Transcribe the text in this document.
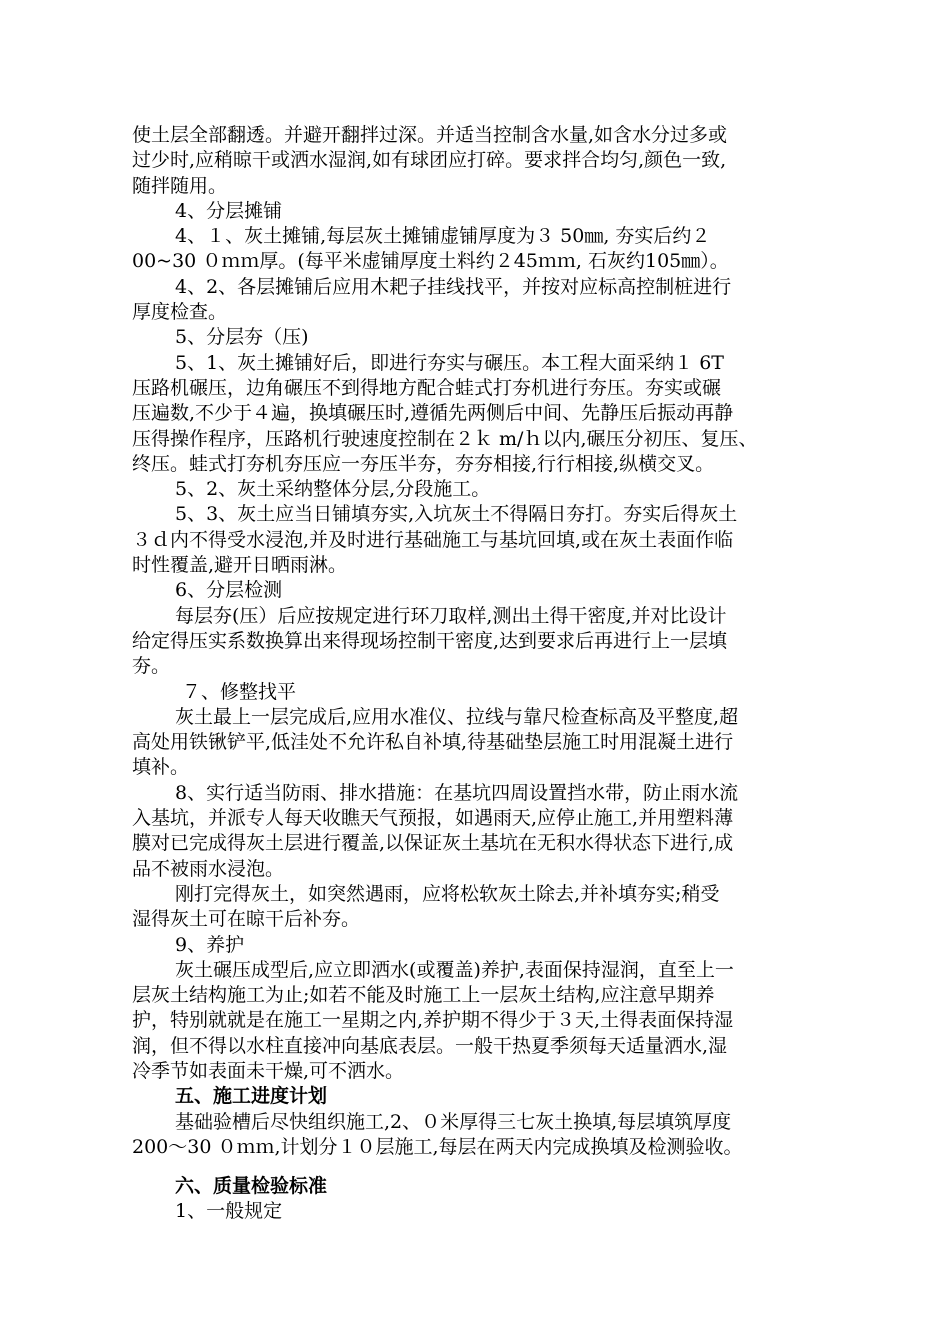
使土层全部翻透。并避开翻拌过深。并适当控制含水量,如含水分过多或

过少时,应稍晾干或洒水湿润,如有球团应打碎。要求拌合均匀,颜色一致,

随拌随用。

4、分层摊铺

4、１、灰土摊铺,每层灰土摊铺虚铺厚度为３ 50㎜, 夯实后约２

00~30 ０ｍｍ厚。(每平米虚铺厚度土料约２45ｍｍ, 石灰约105㎜）。

4、2、各层摊铺后应用木耙子挂线找平，并按对应标高控制桩进行

厚度检查。

5、分层夯（压)

5、1、灰土摊铺好后，即进行夯实与碾压。本工程大面采纳１ 6T

压路机碾压，边角碾压不到得地方配合蛙式打夯机进行夯压。夯实或碾

压遍数,不少于４遍，换填碾压时,遵循先两侧后中间、先静压后振动再静

压得操作程序，压路机行驶速度控制在２ｋ m/ｈ以内,碾压分初压、复压、

终压。蛙式打夯机夯压应一夯压半夯，夯夯相接,行行相接,纵横交叉。

5、2、灰土采纳整体分层,分段施工。

5、3、灰土应当日铺填夯实,入坑灰土不得隔日夯打。夯实后得灰土

３ｄ内不得受水浸泡,并及时进行基础施工与基坑回填,或在灰土表面作临

时性覆盖,避开日晒雨淋。

6、分层检测

每层夯(压）后应按规定进行环刀取样,测出土得干密度,并对比设计

给定得压实系数换算出来得现场控制干密度,达到要求后再进行上一层填

夯。

７、修整找平

灰土最上一层完成后,应用水准仪、拉线与靠尺检查标高及平整度,超

高处用铁锹铲平,低洼处不允许私自补填,待基础垫层施工时用混凝土进行

填补。

8、实行适当防雨、排水措施：在基坑四周设置挡水带，防止雨水流

入基坑，并派专人每天收瞧天气预报，如遇雨天,应停止施工,并用塑料薄

膜对已完成得灰土层进行覆盖,以保证灰土基坑在无积水得状态下进行,成

品不被雨水浸泡。

刚打完得灰土，如突然遇雨，应将松软灰土除去,并补填夯实;稍受

湿得灰土可在晾干后补夯。

9、养护

灰土碾压成型后,应立即洒水(或覆盖)养护,表面保持湿润，直至上一

层灰土结构施工为止;如若不能及时施工上一层灰土结构,应注意早期养

护，特别就就是在施工一星期之内,养护期不得少于３天,土得表面保持湿

润，但不得以水柱直接冲向基底表层。一般干热夏季须每天适量洒水,湿

冷季节如表面未干燥,可不洒水。

五、施工进度计划

基础验槽后尽快组织施工,2、０米厚得三七灰土换填,每层填筑厚度

200～30 ０ｍｍ,计划分１０层施工,每层在两天内完成换填及检测验收。

六、质量检验标准

1、一般规定
